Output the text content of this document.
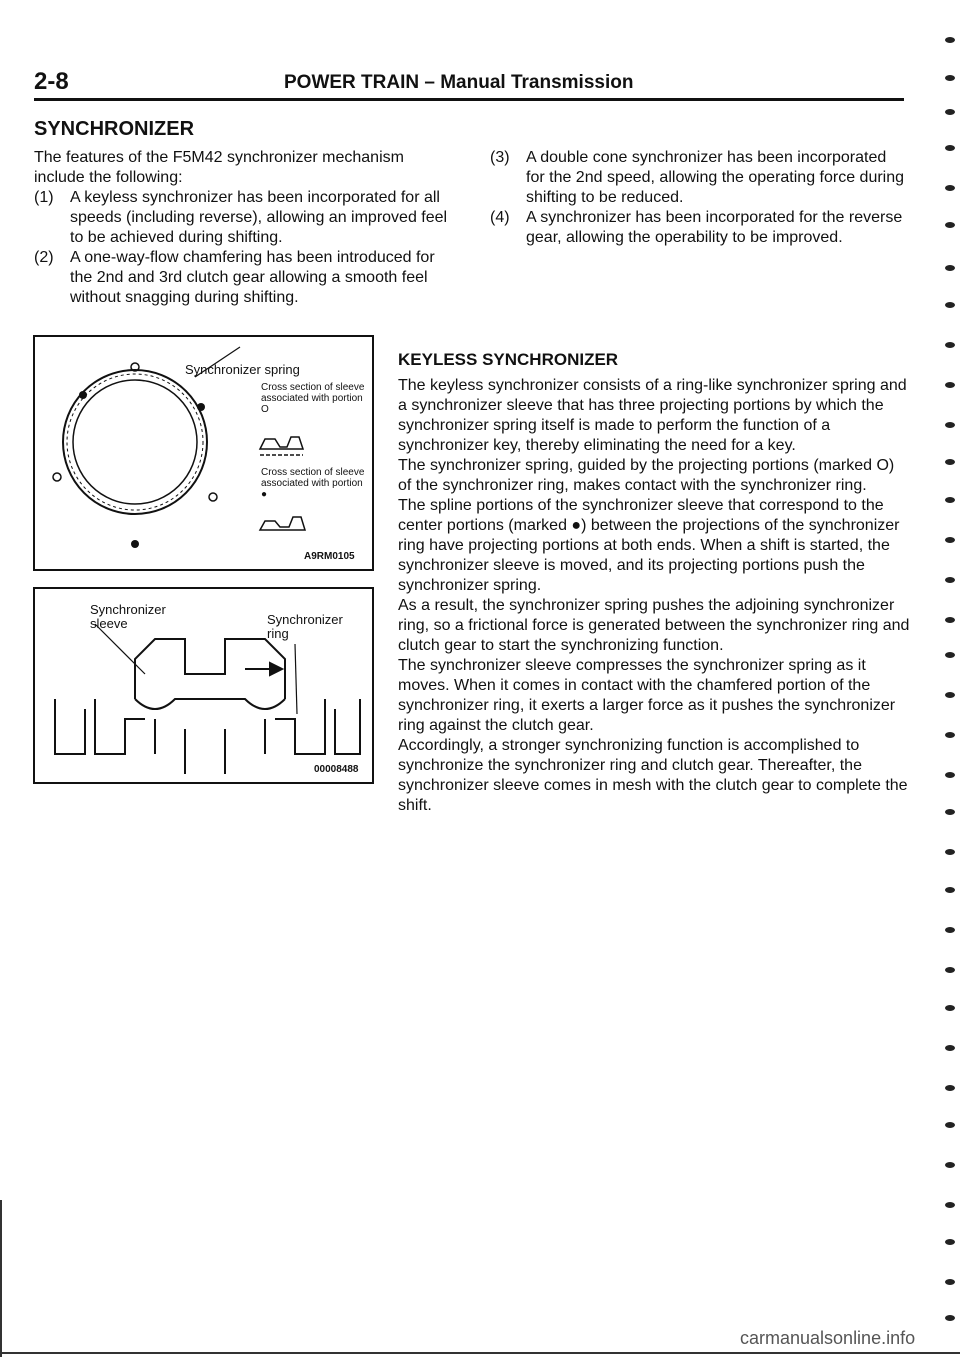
2-8	POWER TRAIN – Manual Transmission
SYNCHRONIZER

The features of the F5M42 synchronizer mechanism include the following:

(1) A keyless synchronizer has been incorporated for all speeds (including reverse), allowing an improved feel to be achieved during shifting.
(2) A one-way-flow chamfering has been introduced for the 2nd and 3rd clutch gear allowing a smooth feel without snagging during shifting.
(3) A double cone synchronizer has been incorporated for the 2nd speed, allowing the operating force during shifting to be reduced.
(4) A synchronizer has been incorporated for the reverse gear, allowing the operability to be improved.
Synchronizer spring
Cross section of sleeve associated with portion O
Cross section of sleeve associated with portion ●
A9RM0105
Synchronizer sleeve	Synchronizer ring
00008488
KEYLESS SYNCHRONIZER

The keyless synchronizer consists of a ring-like synchronizer spring and a synchronizer sleeve that has three projecting portions by which the synchronizer spring itself is made to perform the function of a synchronizer key, thereby eliminating the need for a key.

The synchronizer spring, guided by the projecting portions (marked O) of the synchronizer ring, makes contact with the synchronizer ring.

The spline portions of the synchronizer sleeve that correspond to the center portions (marked ●) between the projections of the synchronizer ring have projecting portions at both ends. When a shift is started, the synchronizer sleeve is moved, and its projecting portions push the synchronizer spring.

As a result, the synchronizer spring pushes the adjoining synchronizer ring, so a frictional force is generated between the synchronizer ring and clutch gear to start the synchronizing function.

The synchronizer sleeve compresses the synchronizer spring as it moves. When it comes in contact with the chamfered portion of the synchronizer ring, it exerts a larger force as it pushes the synchronizer ring against the clutch gear.

Accordingly, a stronger synchronizing function is accomplished to synchronize the synchronizer ring and clutch gear. Thereafter, the synchronizer sleeve comes in mesh with the clutch gear to complete the shift.

carmanualsonline.info
